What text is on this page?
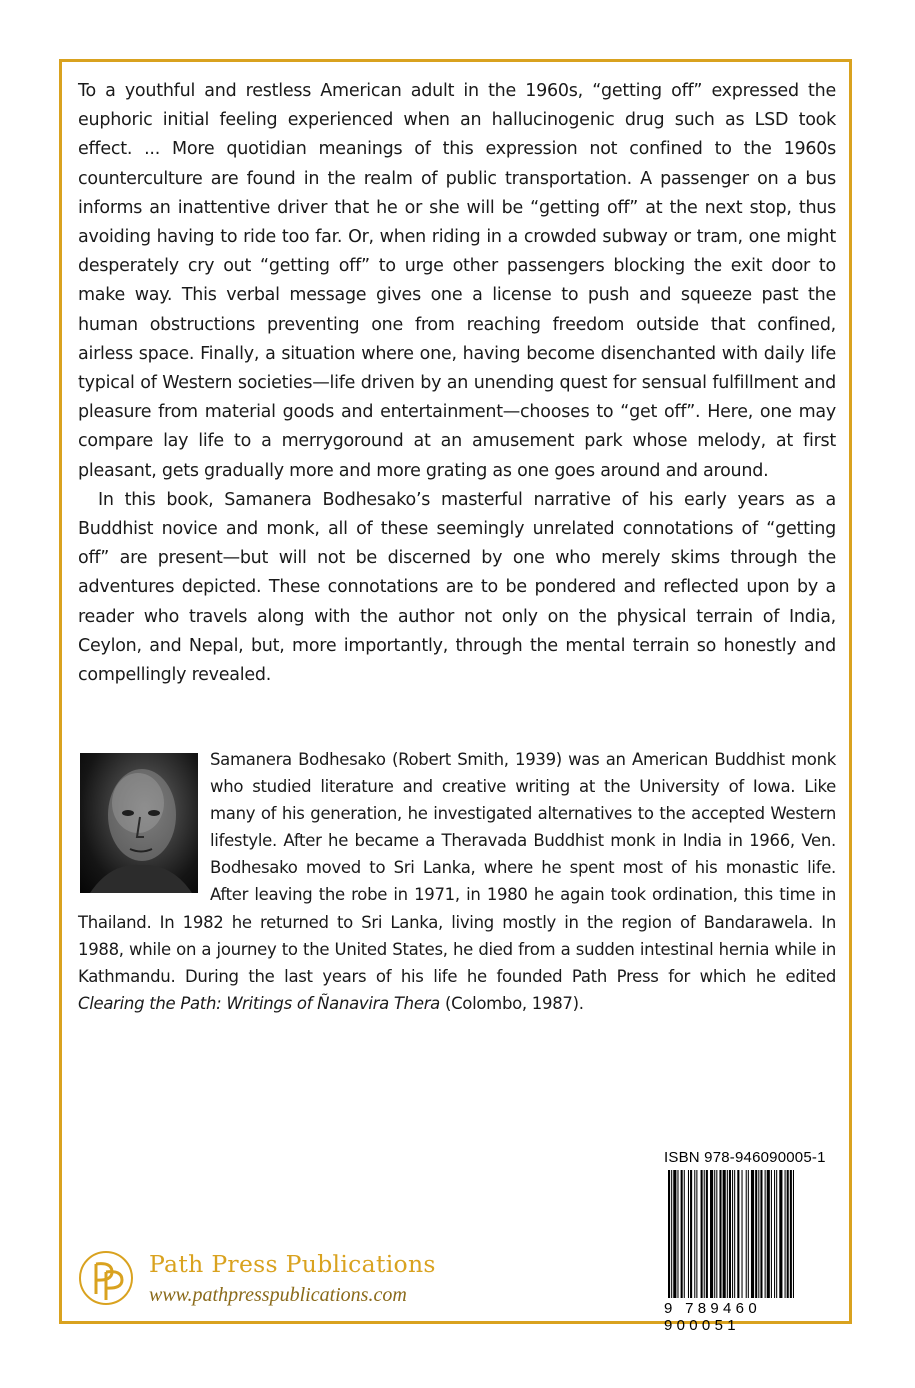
To a youthful and restless American adult in the 1960s, “getting off” expressed the euphoric initial feeling experienced when an hallucinogenic drug such as LSD took effect. ... More quotidian meanings of this expression not confined to the 1960s counterculture are found in the realm of public transportation. A passenger on a bus informs an inattentive driver that he or she will be “getting off” at the next stop, thus avoiding having to ride too far. Or, when riding in a crowded subway or tram, one might desperately cry out “getting off” to urge other passengers blocking the exit door to make way. This verbal message gives one a license to push and squeeze past the human obstructions preventing one from reaching freedom outside that confined, airless space. Finally, a situation where one, having become disenchanted with daily life typical of Western societies—life driven by an unending quest for sensual fulfillment and pleasure from material goods and entertainment—chooses to “get off”. Here, one may compare lay life to a merrygoround at an amusement park whose melody, at first pleasant, gets gradually more and more grating as one goes around and around.

In this book, Samanera Bodhesako’s masterful narrative of his early years as a Buddhist novice and monk, all of these seemingly unrelated connotations of “getting off” are present—but will not be discerned by one who merely skims through the adventures depicted. These connotations are to be pondered and reflected upon by a reader who travels along with the author not only on the physical terrain of India, Ceylon, and Nepal, but, more importantly, through the mental terrain so honestly and compellingly revealed.

Samanera Bodhesako (Robert Smith, 1939) was an American Buddhist monk who studied literature and creative writing at the University of Iowa. Like many of his generation, he investigated alternatives to the accepted Western lifestyle. After he became a Theravada Buddhist monk in India in 1966, Ven. Bodhesako moved to Sri Lanka, where he spent most of his monastic life. After leaving the robe in 1971, in 1980 he again took ordination, this time in Thailand. In 1982 he returned to Sri Lanka, living mostly in the region of Bandarawela. In 1988, while on a journey to the United States, he died from a sudden intestinal hernia while in Kathmandu. During the last years of his life he founded Path Press for which he edited Clearing the Path: Writings of Ñanavira Thera (Colombo, 1987).

Path Press Publications
www.pathpresspublications.com
ISBN 978-946090005-1
9 789460 900051
